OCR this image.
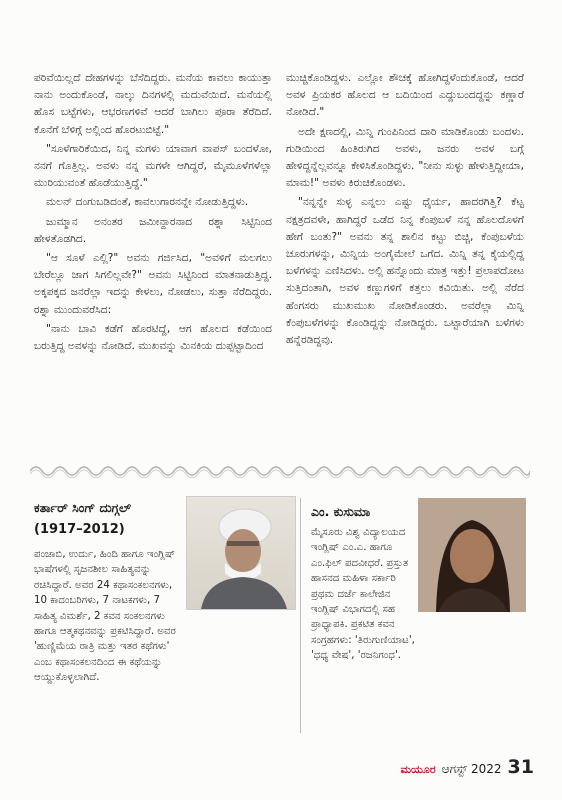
ಪರಿವೆಯಿಲ್ಲದೆ ದೇಹಗಳನ್ನು ಬೆಸೆದಿದ್ದರು. ಮನೆಯ ಕಾವಲು ಕಾಯುತ್ತಾ ನಾನು ಅಂದುಕೊಂಡೆ, ನಾಲ್ಕು ದಿನಗಳಲ್ಲಿ ಮದುವೆಯಿದೆ. ಮನೆಯಲ್ಲಿ ಹೊಸ ಬಟ್ಟೆಗಳು, ಆಭರಣಗಳಿವೆ ಆದರೆ ಬಾಗಿಲು ಪೂರಾ ತೆರೆದಿದೆ. ಕೊನೆಗೆ ಬೆಳಿಗ್ಗೆ ಅಲ್ಲಿಂದ ಹೊರಟುಬಿಟ್ಟೆ."

"ಸೂಳೆಗಾರಿಕೆಯಿದ, ನಿನ್ನ ಮಗಳು ಯಾವಾಗ ವಾಪಸ್ ಬಂದಳೋ, ನನಗೆ ಗೊತ್ತಿಲ್ಲ. ಅವಳು ನನ್ನ ಮಗಳೇ ಆಗಿದ್ದರೆ, ಮೈಮೂಳೆಗಳೆಲ್ಲಾ ಮುರಿಯುವಂತೆ ಹೊಡೆಯುತ್ತಿದ್ದೆ."

ಮಲನ್ ದಂಗುಬಡಿದಂತೆ, ಕಾವಲುಗಾರನನ್ನೇ ನೋಡುತ್ತಿದ್ದಳು.

ಜುಮ್ಮಾನ ಅನಂತರ ಜಮೀನ್ದಾರನಾದ ರಶ್ನಾ ಸಿಟ್ಟಿನಿಂದ ಹೇಳತೊಡಗಿದ.

"ಆ ಸೂಳೆ ಎಲ್ಲಿ?" ಅವನು ಗರ್ಜಿಸಿದ, "ಅವಳಿಗೆ ಮಲಗಲು ಬೇರೆಲ್ಲೂ ಜಾಗ ಸಿಗಲಿಲ್ಲವೇ?" ಅವನು ಸಿಟ್ಟಿನಿಂದ ಮಾತನಾಡುತ್ತಿದ್ದ. ಅಕ್ಕಪಕ್ಕದ ಜನರೆಲ್ಲಾ ಇದನ್ನು ಕೇಳಲು, ನೋಡಲು, ಸುತ್ತಾ ನೆರೆದಿದ್ದರು. ರಶ್ನಾ ಮುಂದುವರೆಸಿದ:

"ನಾನು ಬಾವಿ ಕಡೆಗೆ ಹೊರಟಿದ್ದೆ, ಆಗ ಹೊಲದ ಕಡೆಯಿಂದ ಬರುತ್ತಿದ್ದ ಅವಳನ್ನು ನೋಡಿದೆ. ಮುಖವನ್ನು ಮಿನಕಿಯ ದುಪ್ಪಟ್ಟಾದಿಂದ

ಮುಚ್ಚಿಕೊಂಡಿದ್ದಳು. ಎಲ್ಲೋ ಶೌಚಕ್ಕೆ ಹೋಗಿದ್ದಳೆಂದುಕೊಂಡೆ, ಆದರೆ ಅವಳ ಪ್ರಿಯಕರ ಹೊಲದ ಆ ಬದಿಯಿಂದ ಎದ್ದುಬಂದದ್ದನ್ನು ಕಣ್ಣಾರೆ ನೋಡಿದೆ."

ಅದೇ ಕ್ಷಣದಲ್ಲಿ, ಮಿನ್ನಿ ಗುಂಪಿನಿಂದ ದಾರಿ ಮಾಡಿಕೊಂಡು ಬಂದಳು. ಗುಡಿಯಿಂದ ಹಿಂತಿರುಗಿದ ಅವಳು, ಜನರು ಅವಳ ಬಗ್ಗೆ ಹೇಳಿದ್ದನ್ನೆಲ್ಲವನ್ನೂ ಕೇಳಿಸಿಕೊಂಡಿದ್ದಳು. "ನೀನು ಸುಳ್ಳು ಹೇಳುತ್ತಿದ್ದೀಯಾ, ಮಾಮ!" ಅವಳು ಕಿರುಚಿಕೊಂಡಳು.

"ನನ್ನನ್ನೇ ಸುಳ್ಳ ಎನ್ನಲು ಎಷ್ಟು ಧೈರ್ಯ, ಹಾದರಗಿತ್ತಿ? ಕೆಟ್ಟ ನಕ್ಷತ್ರದವಳೇ, ಹಾಗಿದ್ದರೆ ಒಡೆದ ನಿನ್ನ ಕೆಂಪುಬಳೆ ನನ್ನ ಹೊಲದೊಳಗೆ ಹೇಗೆ ಬಂತು?" ಅವನು ತನ್ನ ಶಾಲಿನ ಕಟ್ಟು ಬಿಚ್ಚಿ, ಕೆಂಪುಬಳೆಯ ಚೂರುಗಳನ್ನು, ಮಿನ್ನಿಯ ಅಂಗೈಮೇಲೆ ಒಗೆದ. ಮಿನ್ನಿ ತನ್ನ ಕೈಯಲ್ಲಿದ್ದ ಬಳೆಗಳನ್ನು ಎಣಿಸಿದಳು. ಅಲ್ಲಿ ಹನ್ನೊಂದು ಮಾತ್ರ ಇತ್ತು! ಪ್ರಲಾಪದೋಟ ಸುತ್ತಿದಂತಾಗಿ, ಅವಳ ಕಣ್ಣುಗಳಿಗೆ ಕತ್ತಲು ಕವಿಯಿತು. ಅಲ್ಲಿ ನೆರೆದ ಹೆಂಗಸರು ಮುಖಮುಖ ನೋಡಿಕೊಂಡರು. ಅವರೆಲ್ಲಾ ಮಿನ್ನಿ ಕೆಂಪುಬಳೆಗಳನ್ನು ಕೊಂಡಿದ್ದನ್ನು ನೋಡಿದ್ದರು. ಒಟ್ಟಾರೆಯಾಗಿ ಬಳೆಗಳು ಹನ್ನೆರಡಿದ್ದವು.

ಕರ್ತಾರ್ ಸಿಂಗ್ ದುಗ್ಗಲ್
(1917–2012)

ಪಂಜಾಬಿ, ಉರ್ದು, ಹಿಂದಿ ಹಾಗೂ ಇಂಗ್ಲಿಷ್ ಭಾಷೆಗಳಲ್ಲಿ ಸೃಜನಶೀಲ ಸಾಹಿತ್ಯವನ್ನು ರಚಿಸಿದ್ದಾರೆ. ಅವರ 24 ಕಥಾಸಂಕಲನಗಳು, 10 ಕಾದಂಬರಿಗಳು, 7 ನಾಟಕಗಳು, 7 ಸಾಹಿತ್ಯ ವಿಮರ್ಶೆ, 2 ಕವನ ಸಂಕಲನಗಳು ಹಾಗೂ ಆತ್ಮಕಥನವನ್ನು ಪ್ರಕಟಿಸಿದ್ದಾರೆ. ಅವರ 'ಹುಣ್ಣಿಮೆಯ ರಾತ್ರಿ ಮತ್ತು ಇತರ ಕಥೆಗಳು' ಎಂಬ ಕಥಾಸಂಕಲನದಿಂದ ಈ ಕಥೆಯನ್ನು ಆಯ್ದುಕೊಳ್ಳಲಾಗಿದೆ.

ಎಂ. ಕುಸುಮಾ

ಮೈಸೂರು ವಿಶ್ವ ವಿದ್ಯಾಲಯದ ಇಂಗ್ಲಿಷ್ ಎಂ.ಎ. ಹಾಗೂ ಎಂ.ಫಿಲ್ ಪದವೀಧರೆ. ಪ್ರಸ್ತುತ ಹಾಸನದ ಮಹಿಳಾ ಸರ್ಕಾರಿ ಪ್ರಥಮ ದರ್ಜೆ ಕಾಲೇಜಿನ ಇಂಗ್ಲಿಷ್ ವಿಭಾಗದಲ್ಲಿ ಸಹ ಪ್ರಾಧ್ಯಾಪಕಿ. ಪ್ರಕಟಿತ ಕವನ ಸಂಗ್ರಹಗಳು: 'ತಿರುಗುಣಿಯಾಟ', 'ಧಧ್ಯ ವೇಷ', 'ರಜನಿಗಂಧ'.

ಮಯೂರ ಆಗಸ್ಟ್ 2022 31
